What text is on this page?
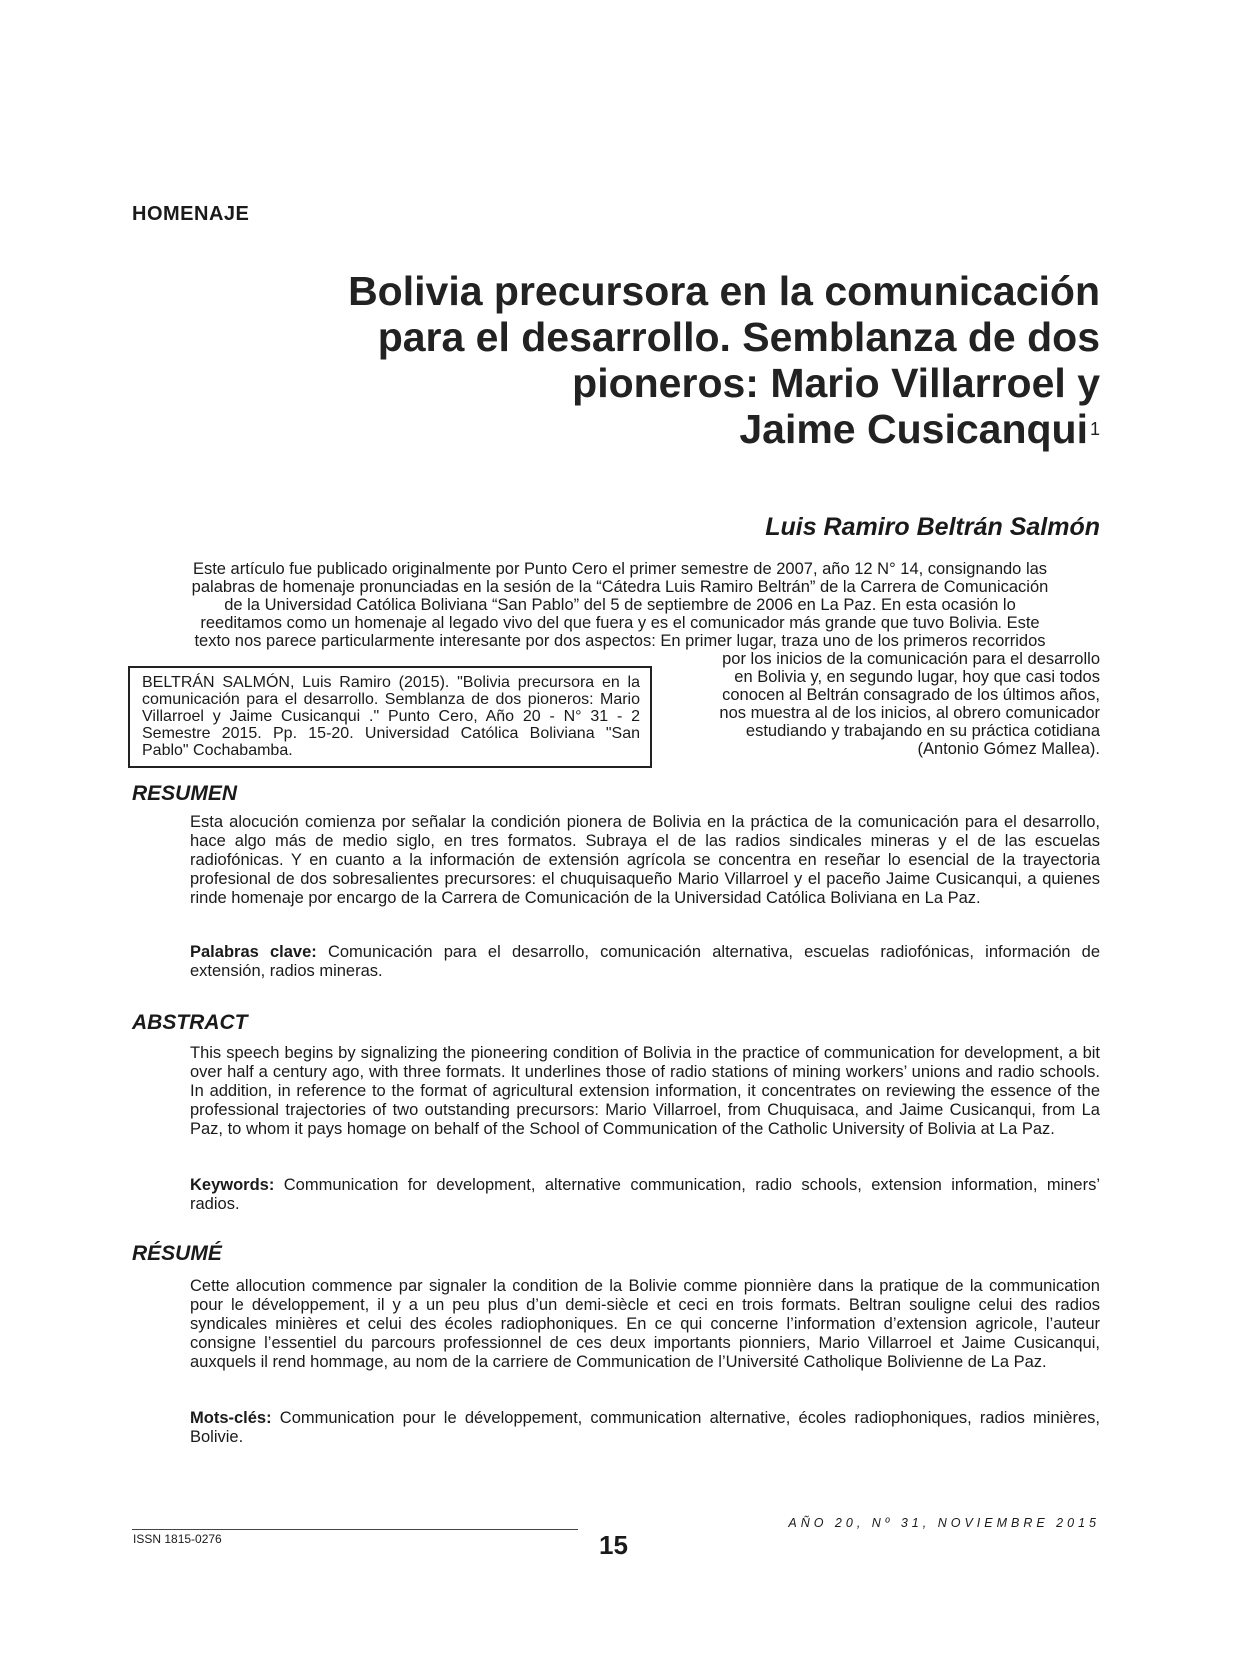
HOMENAJE
Bolivia precursora en la comunicación
para el desarrollo. Semblanza de dos
pioneros: Mario Villarroel y
Jaime Cusicanqui $^1$
Luis Ramiro Beltrán Salmón
Este artículo fue publicado originalmente por Punto Cero el primer semestre de 2007, año 12 N° 14, consignando las
palabras de homenaje pronunciadas en la sesión de la “Cátedra Luis Ramiro Beltrán” de la Carrera de Comunicación
de la Universidad Católica Boliviana “San Pablo” del 5 de septiembre de 2006 en La Paz. En esta ocasión lo
reeditamos como un homenaje al legado vivo del que fuera y es el comunicador más grande que tuvo Bolivia. Este
texto nos parece particularmente interesante por dos aspectos: En primer lugar, traza uno de los primeros recorridos
por los inicios de la comunicación para el desarrollo
en Bolivia y, en segundo lugar, hoy que casi todos
conocen al Beltrán consagrado de los últimos años,
nos muestra al de los inicios, al obrero comunicador
estudiando y trabajando en su práctica cotidiana
(Antonio Gómez Mallea).
BELTRÁN SALMÓN, Luis Ramiro (2015). "Bolivia precursora en la comunicación para el desarrollo. Semblanza de dos pioneros: Mario Villarroel y Jaime Cusicanqui ." Punto Cero, Año 20 - N° 31 - 2 Semestre 2015. Pp. 15-20. Universidad Católica Boliviana "San Pablo" Cochabamba.
RESUMEN
Esta alocución comienza por señalar la condición pionera de Bolivia en la práctica de la comunicación para el desarrollo, hace algo más de medio siglo, en tres formatos. Subraya el de las radios sindicales mineras y el de las escuelas radiofónicas. Y en cuanto a la información de extensión agrícola se concentra en reseñar lo esencial de la trayectoria profesional de dos sobresalientes precursores: el chuquisaqueño Mario Villarroel y el paceño Jaime Cusicanqui, a quienes rinde homenaje por encargo de la Carrera de Comunicación de la Universidad Católica Boliviana en La Paz.
Palabras clave: Comunicación para el desarrollo, comunicación alternativa, escuelas radiofónicas, información de extensión, radios mineras.
ABSTRACT
This speech begins by signalizing the pioneering condition of Bolivia in the practice of communication for development, a bit over half a century ago, with three formats. It underlines those of radio stations of mining workers’ unions and radio schools. In addition, in reference to the format of agricultural extension information, it concentrates on reviewing the essence of the professional trajectories of two outstanding precursors: Mario Villarroel, from Chuquisaca, and Jaime Cusicanqui, from La Paz, to whom it pays homage on behalf of the School of Communication of the Catholic University of Bolivia at La Paz.
Keywords: Communication for development, alternative communication, radio schools, extension information, miners’ radios.
RÉSUMÉ
Cette allocution commence par signaler la condition de la Bolivie comme pionnière dans la pratique de la communication pour le développement, il y a un peu plus d’un demi-siècle et ceci en trois formats. Beltran souligne celui des radios syndicales minières et celui des écoles radiophoniques. En ce qui concerne l’information d’extension agricole, l’auteur consigne l’essentiel du parcours professionnel de ces deux importants pionniers, Mario Villarroel et Jaime Cusicanqui, auxquels il rend hommage, au nom de la carriere de Communication de l’Université Catholique Bolivienne de La Paz.
Mots-clés: Communication pour le développement, communication alternative, écoles radiophoniques, radios minières, Bolivie.
ISSN 1815-0276	15
AÑO 20, Nº 31, NOVIEMBRE 2015
